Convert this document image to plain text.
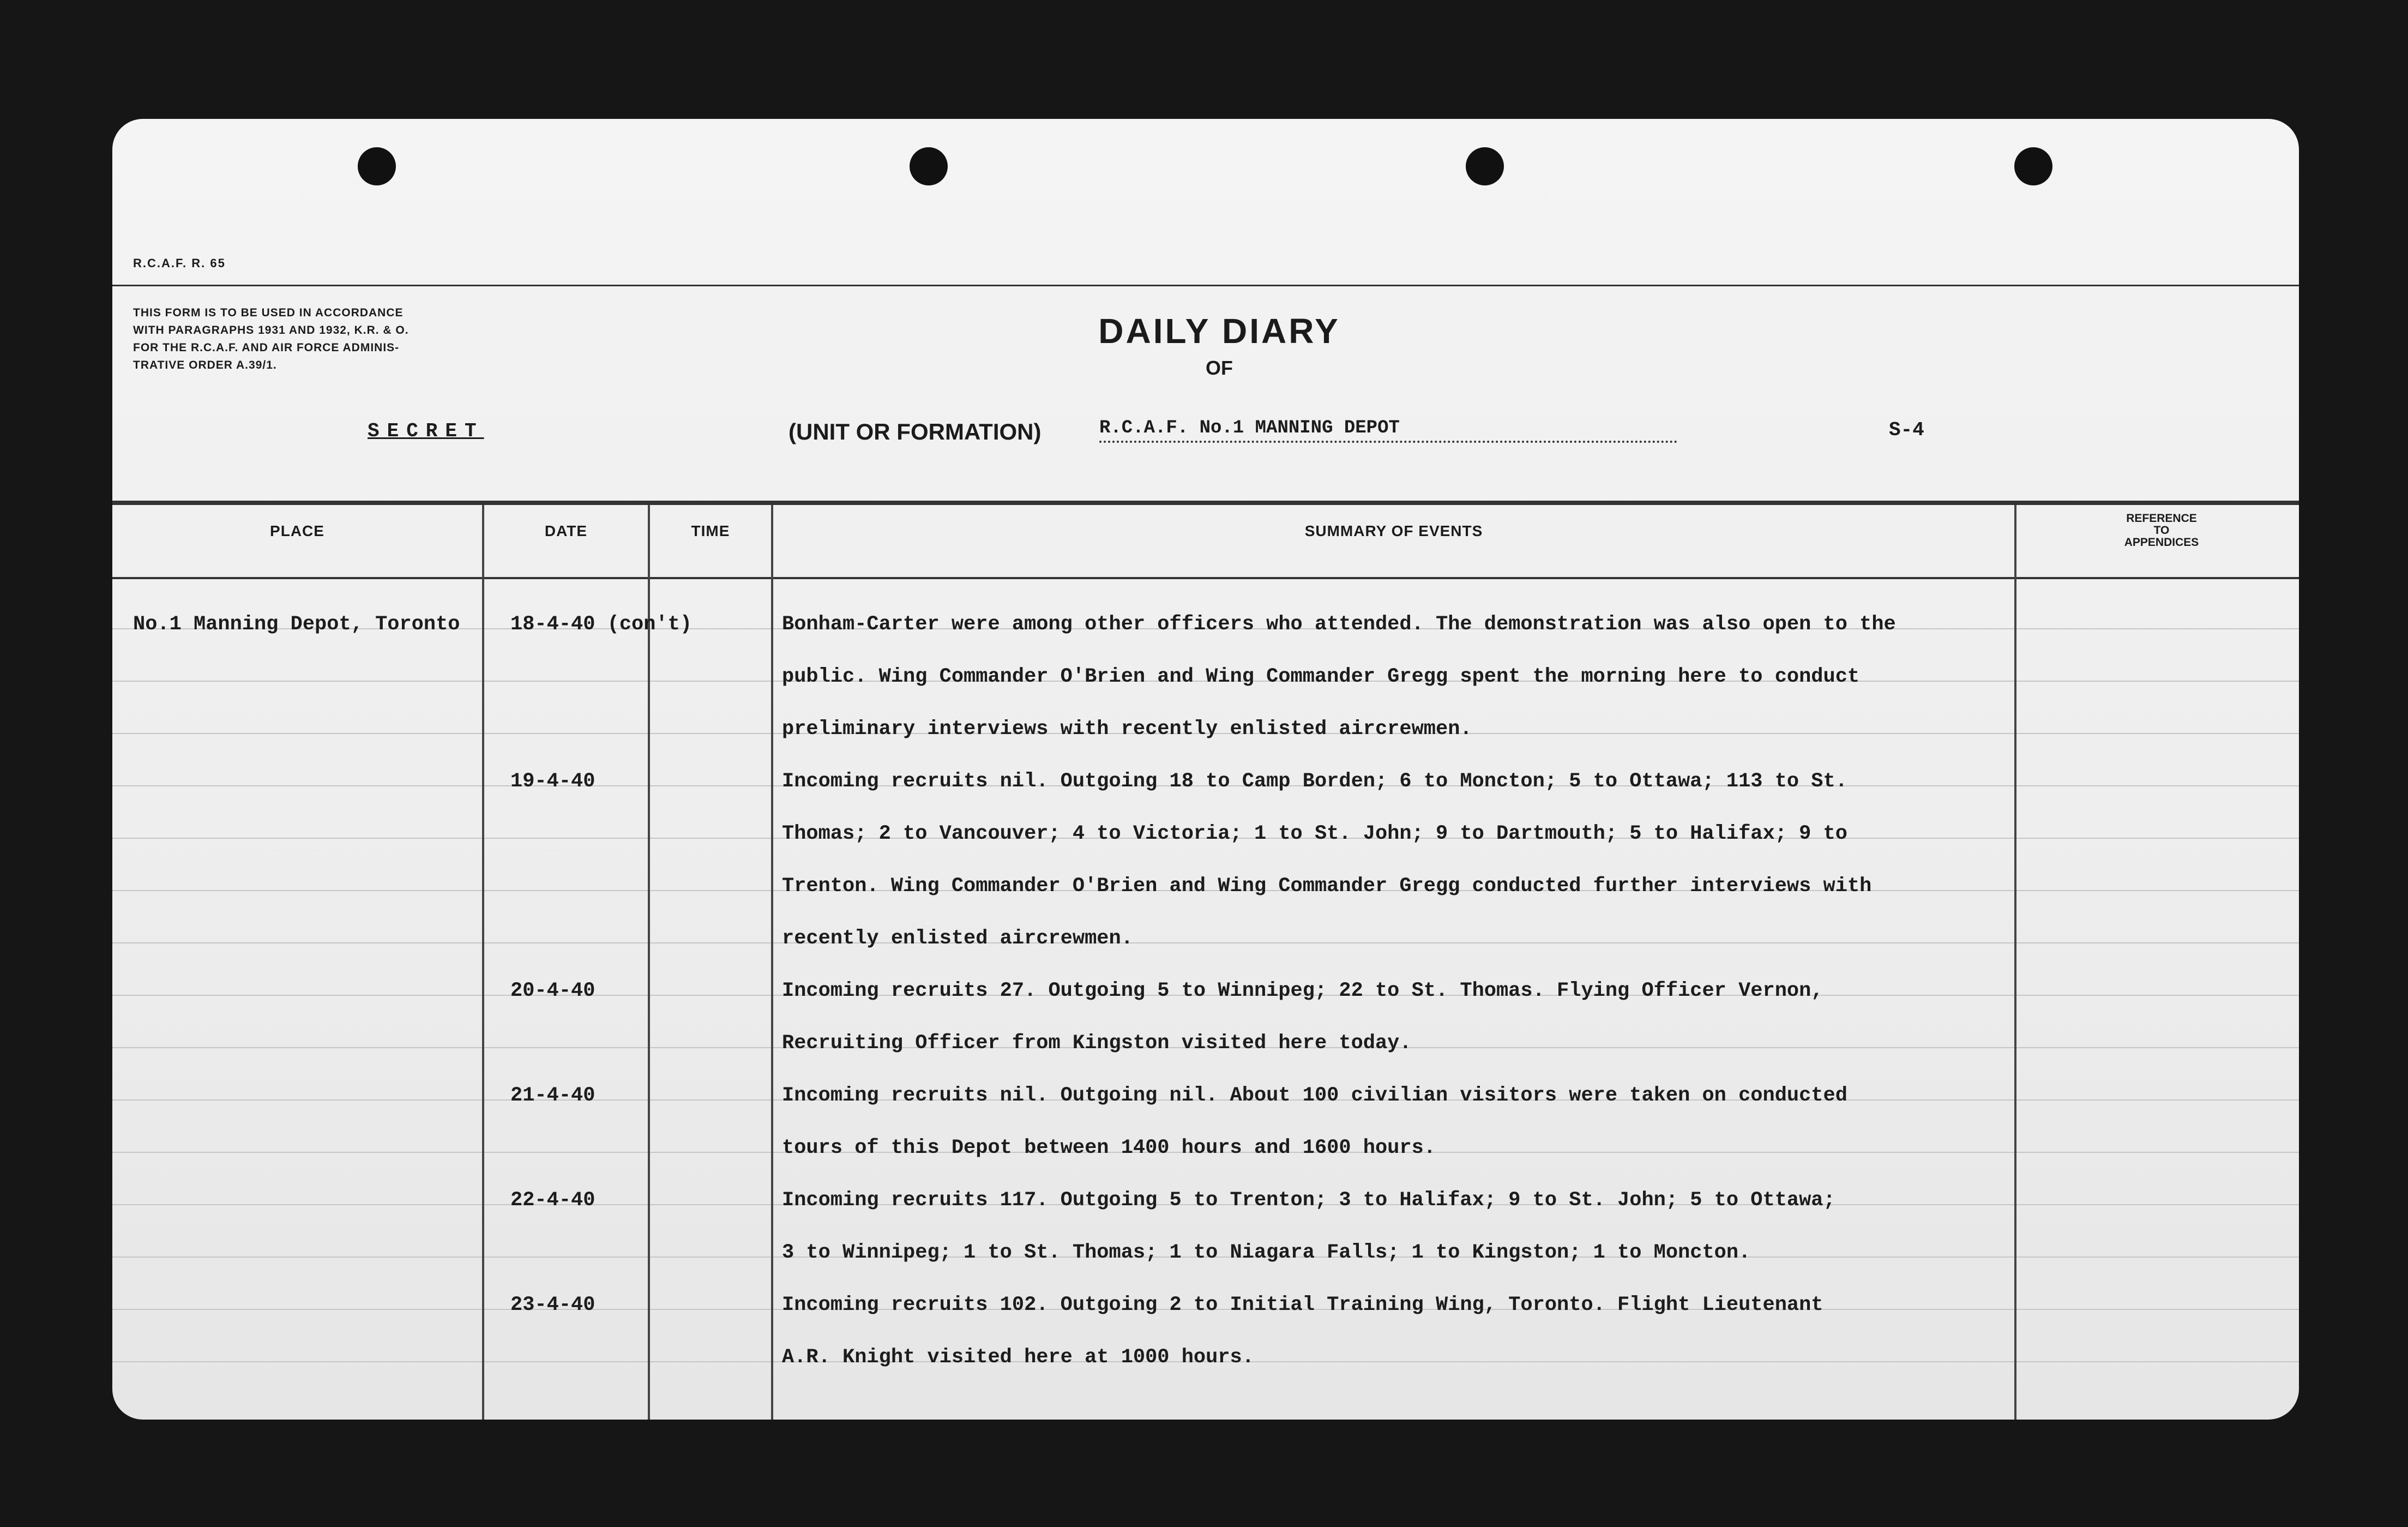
R.C.A.F. R. 65
THIS FORM IS TO BE USED IN ACCORDANCE
WITH PARAGRAPHS 1931 AND 1932, K.R. & O.
FOR THE R.C.A.F. AND AIR FORCE ADMINIS-
TRATIVE ORDER A.39/1.
SECRET
DAILY DIARY
OF
(UNIT OR FORMATION)	R.C.A.F. No.1 MANNING DEPOT	S-4
PLACE	DATE	TIME	SUMMARY OF EVENTS
REFERENCE
TO
APPENDICES
No.1 Manning Depot, Toronto	18-4-40 (con't)	Bonham-Carter were among other officers who attended. The demonstration was also open to the
public. Wing Commander O'Brien and Wing Commander Gregg spent the morning here to conduct
preliminary interviews with recently enlisted aircrewmen.
19-4-40	Incoming recruits nil. Outgoing 18 to Camp Borden; 6 to Moncton; 5 to Ottawa; 113 to St.
Thomas; 2 to Vancouver; 4 to Victoria; 1 to St. John; 9 to Dartmouth; 5 to Halifax; 9 to
Trenton. Wing Commander O'Brien and Wing Commander Gregg conducted further interviews with
recently enlisted aircrewmen.
20-4-40	Incoming recruits 27. Outgoing 5 to Winnipeg; 22 to St. Thomas. Flying Officer Vernon,
Recruiting Officer from Kingston visited here today.
21-4-40	Incoming recruits nil. Outgoing nil. About 100 civilian visitors were taken on conducted
tours of this Depot between 1400 hours and 1600 hours.
22-4-40	Incoming recruits 117. Outgoing 5 to Trenton; 3 to Halifax; 9 to St. John; 5 to Ottawa;
3 to Winnipeg; 1 to St. Thomas; 1 to Niagara Falls; 1 to Kingston; 1 to Moncton.
23-4-40	Incoming recruits 102. Outgoing 2 to Initial Training Wing, Toronto. Flight Lieutenant
A.R. Knight visited here at 1000 hours.
